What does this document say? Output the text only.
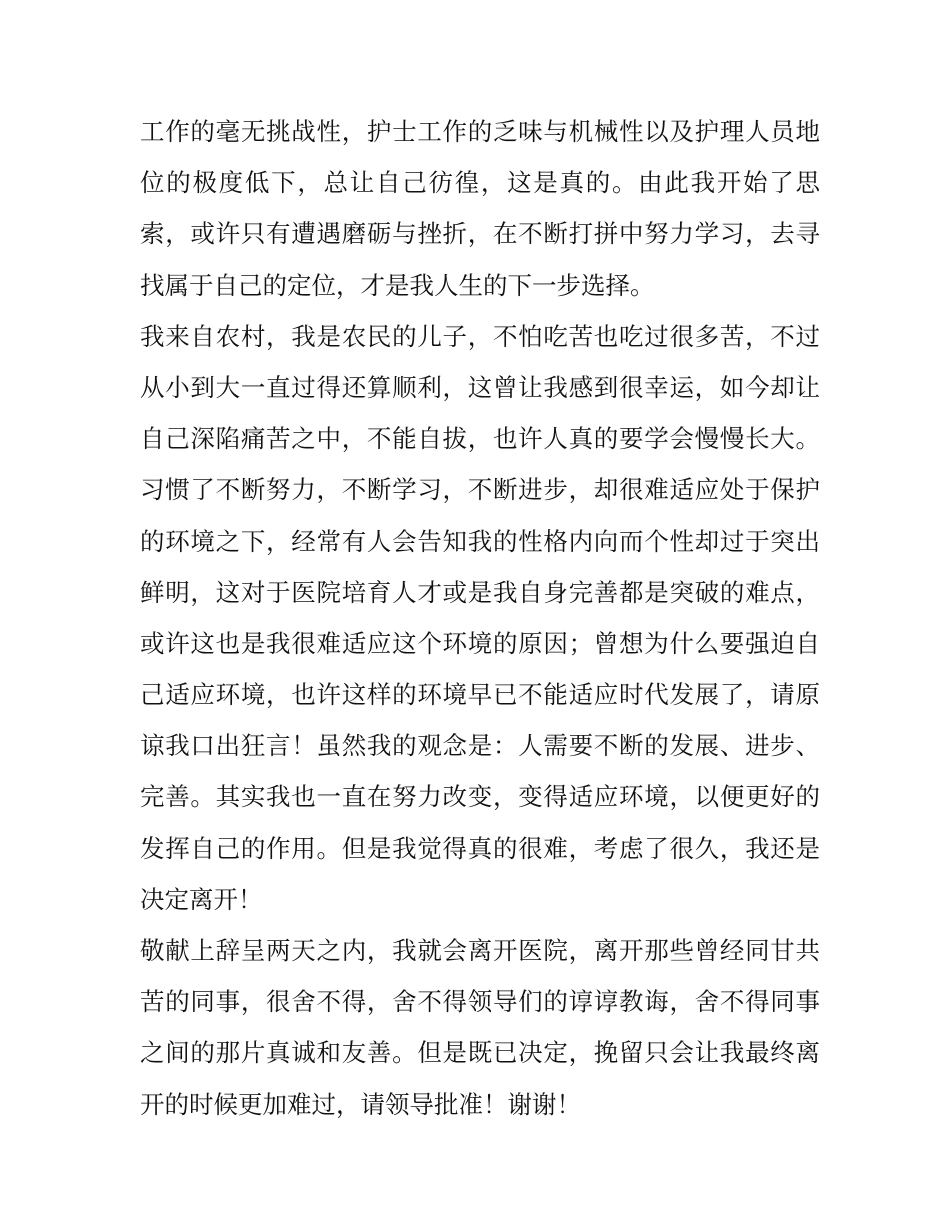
工作的毫无挑战性，护士工作的乏味与机械性以及护理人员地
位的极度低下，总让自己彷徨，这是真的。由此我开始了思
索，或许只有遭遇磨砺与挫折，在不断打拼中努力学习，去寻
找属于自己的定位，才是我人生的下一步选择。
我来自农村，我是农民的儿子，不怕吃苦也吃过很多苦，不过
从小到大一直过得还算顺利，这曾让我感到很幸运，如今却让
自己深陷痛苦之中，不能自拔，也许人真的要学会慢慢长大。
习惯了不断努力，不断学习，不断进步，却很难适应处于保护
的环境之下，经常有人会告知我的性格内向而个性却过于突出
鲜明，这对于医院培育人才或是我自身完善都是突破的难点，
或许这也是我很难适应这个环境的原因；曾想为什么要强迫自
己适应环境，也许这样的环境早已不能适应时代发展了，请原
谅我口出狂言！虽然我的观念是：人需要不断的发展、进步、
完善。其实我也一直在努力改变，变得适应环境，以便更好的
发挥自己的作用。但是我觉得真的很难，考虑了很久，我还是
决定离开！
敬献上辞呈两天之内，我就会离开医院，离开那些曾经同甘共
苦的同事，很舍不得，舍不得领导们的谆谆教诲，舍不得同事
之间的那片真诚和友善。但是既已决定，挽留只会让我最终离
开的时候更加难过，请领导批准！谢谢！
